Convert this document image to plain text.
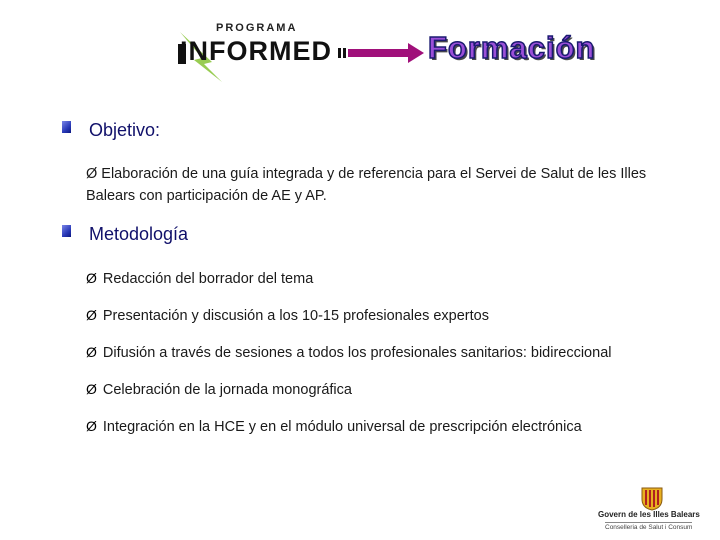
PROGRAMA
INFORMED	Formación
Objetivo:
Ø Elaboración de una guía integrada y de referencia para el Servei de Salut de les Illes Balears con participación de AE y AP.
Metodología
Ø Redacción del borrador del tema
Ø Presentación y discusión a los 10-15 profesionales expertos
Ø Difusión a través de sesiones a todos los profesionales sanitarios: bidireccional
Ø Celebración de la jornada monográfica
Ø Integración en la HCE y en el módulo universal de prescripción electrónica
Govern de les Illes Balears
Conselleria de Salut i Consum
